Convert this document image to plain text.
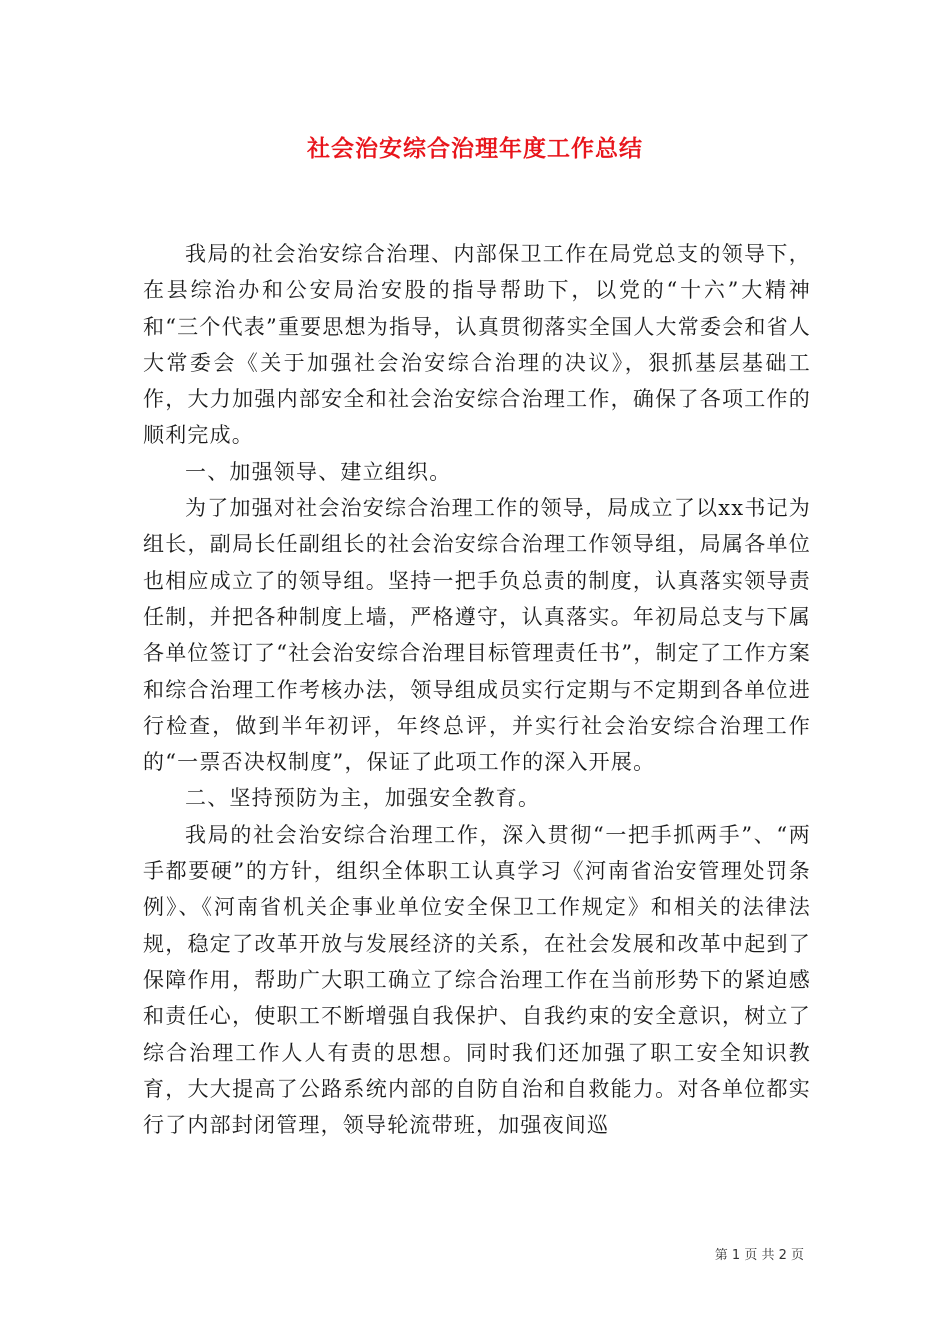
社会治安综合治理年度工作总结

我局的社会治安综合治理、内部保卫工作在局党总支的领导下，在县综治办和公安局治安股的指导帮助下，以党的“十六”大精神和“三个代表”重要思想为指导，认真贯彻落实全国人大常委会和省人大常委会《关于加强社会治安综合治理的决议》，狠抓基层基础工作，大力加强内部安全和社会治安综合治理工作，确保了各项工作的顺利完成。

一、加强领导、建立组织。

为了加强对社会治安综合治理工作的领导，局成立了以xx书记为组长，副局长任副组长的社会治安综合治理工作领导组，局属各单位也相应成立了的领导组。坚持一把手负总责的制度，认真落实领导责任制，并把各种制度上墙，严格遵守，认真落实。年初局总支与下属各单位签订了“社会治安综合治理目标管理责任书”，制定了工作方案和综合治理工作考核办法，领导组成员实行定期与不定期到各单位进行检查，做到半年初评，年终总评，并实行社会治安综合治理工作的“一票否决权制度”，保证了此项工作的深入开展。

二、坚持预防为主，加强安全教育。

我局的社会治安综合治理工作，深入贯彻“一把手抓两手”、“两手都要硬”的方针，组织全体职工认真学习《河南省治安管理处罚条例》、《河南省机关企事业单位安全保卫工作规定》和相关的法律法规，稳定了改革开放与发展经济的关系，在社会发展和改革中起到了保障作用，帮助广大职工确立了综合治理工作在当前形势下的紧迫感和责任心，使职工不断增强自我保护、自我约束的安全意识，树立了综合治理工作人人有责的思想。同时我们还加强了职工安全知识教育，大大提高了公路系统内部的自防自治和自救能力。对各单位都实行了内部封闭管理，领导轮流带班，加强夜间巡

第 1 页 共 2 页
